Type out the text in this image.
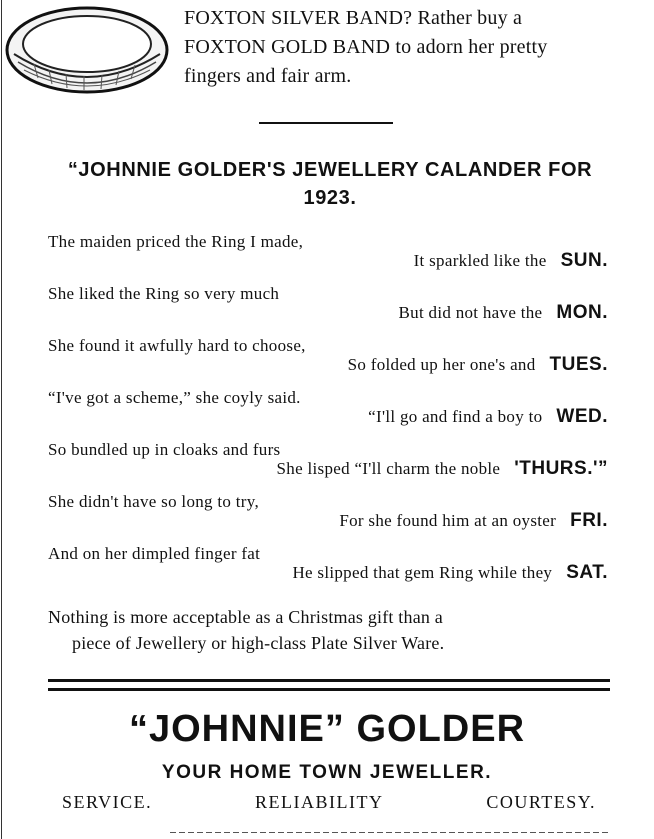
FOXTON SILVER BAND? Rather buy a
FOXTON GOLD BAND to adorn her pretty
fingers and fair arm.
“JOHNNIE GOLDER'S JEWELLERY CALANDER FOR
1923.
The maiden priced the Ring I made,
It sparkled like the SUN.
She liked the Ring so very much
But did not have the MON.
She found it awfully hard to choose,
So folded up her one's and TUES.
“I've got a scheme,” she coyly said.
“I'll go and find a boy to WED.
So bundled up in cloaks and furs
She lisped “I'll charm the noble 'THURS.'”
She didn't have so long to try,
For she found him at an oyster FRI.
And on her dimpled finger fat
He slipped that gem Ring while they SAT.
Nothing is more acceptable as a Christmas gift than a
piece of Jewellery or high-class Plate Silver Ware.
“JOHNNIE” GOLDER
YOUR HOME TOWN JEWELLER.
SERVICE.	RELIABILITY	COURTESY.
